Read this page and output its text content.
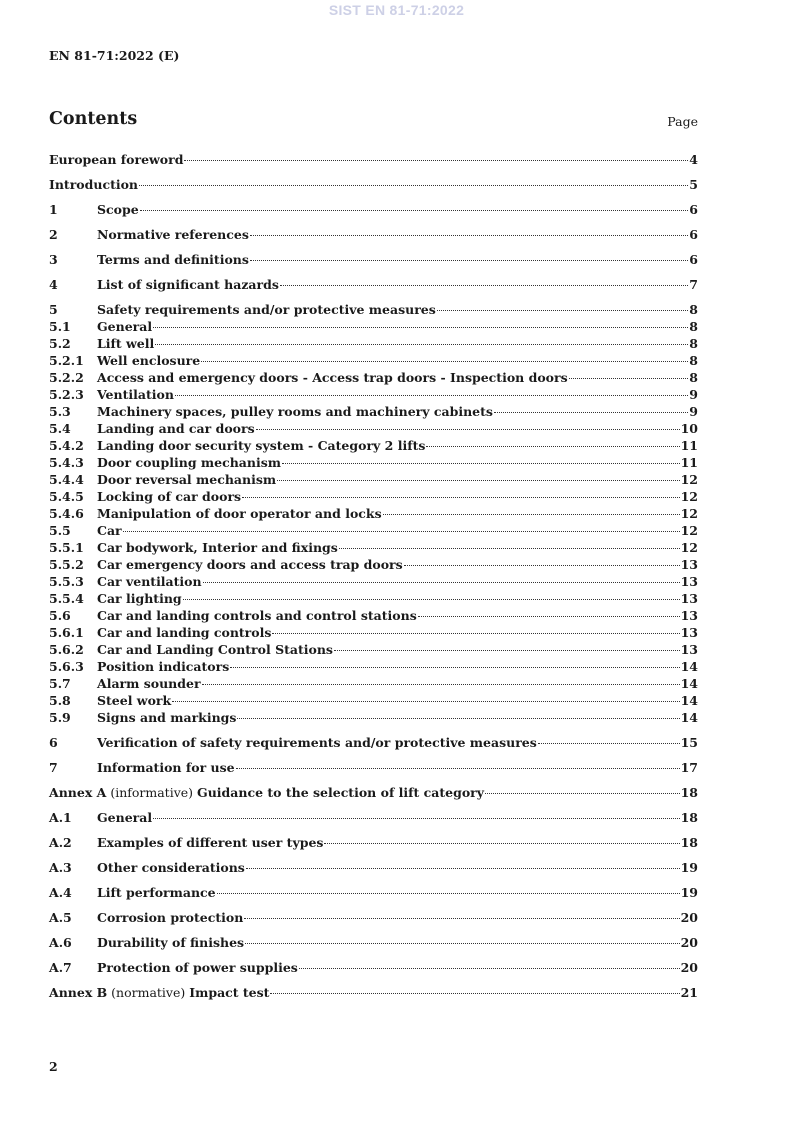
SIST EN 81-71:2022
EN 81-71:2022 (E)
Contents	Page
European foreword	4
Introduction	5
1	Scope	6
2	Normative references	6
3	Terms and definitions	6
4	List of significant hazards	7
5	Safety requirements and/or protective measures	8
5.1	General	8
5.2	Lift well	8
5.2.1	Well enclosure	8
5.2.2	Access and emergency doors - Access trap doors - Inspection doors	8
5.2.3	Ventilation	9
5.3	Machinery spaces, pulley rooms and machinery cabinets	9
5.4	Landing and car doors	10
5.4.2	Landing door security system - Category 2 lifts	11
5.4.3	Door coupling mechanism	11
5.4.4	Door reversal mechanism	12
5.4.5	Locking of car doors	12
5.4.6	Manipulation of door operator and locks	12
5.5	Car	12
5.5.1	Car bodywork, Interior and fixings	12
5.5.2	Car emergency doors and access trap doors	13
5.5.3	Car ventilation	13
5.5.4	Car lighting	13
5.6	Car and landing controls and control stations	13
5.6.1	Car and landing controls	13
5.6.2	Car and Landing Control Stations	13
5.6.3	Position indicators	14
5.7	Alarm sounder	14
5.8	Steel work	14
5.9	Signs and markings	14
6	Verification of safety requirements and/or protective measures	15
7	Information for use	17
Annex A (informative) Guidance to the selection of lift category	18
A.1	General	18
A.2	Examples of different user types	18
A.3	Other considerations	19
A.4	Lift performance	19
A.5	Corrosion protection	20
A.6	Durability of finishes	20
A.7	Protection of power supplies	20
Annex B (normative) Impact test	21
2
